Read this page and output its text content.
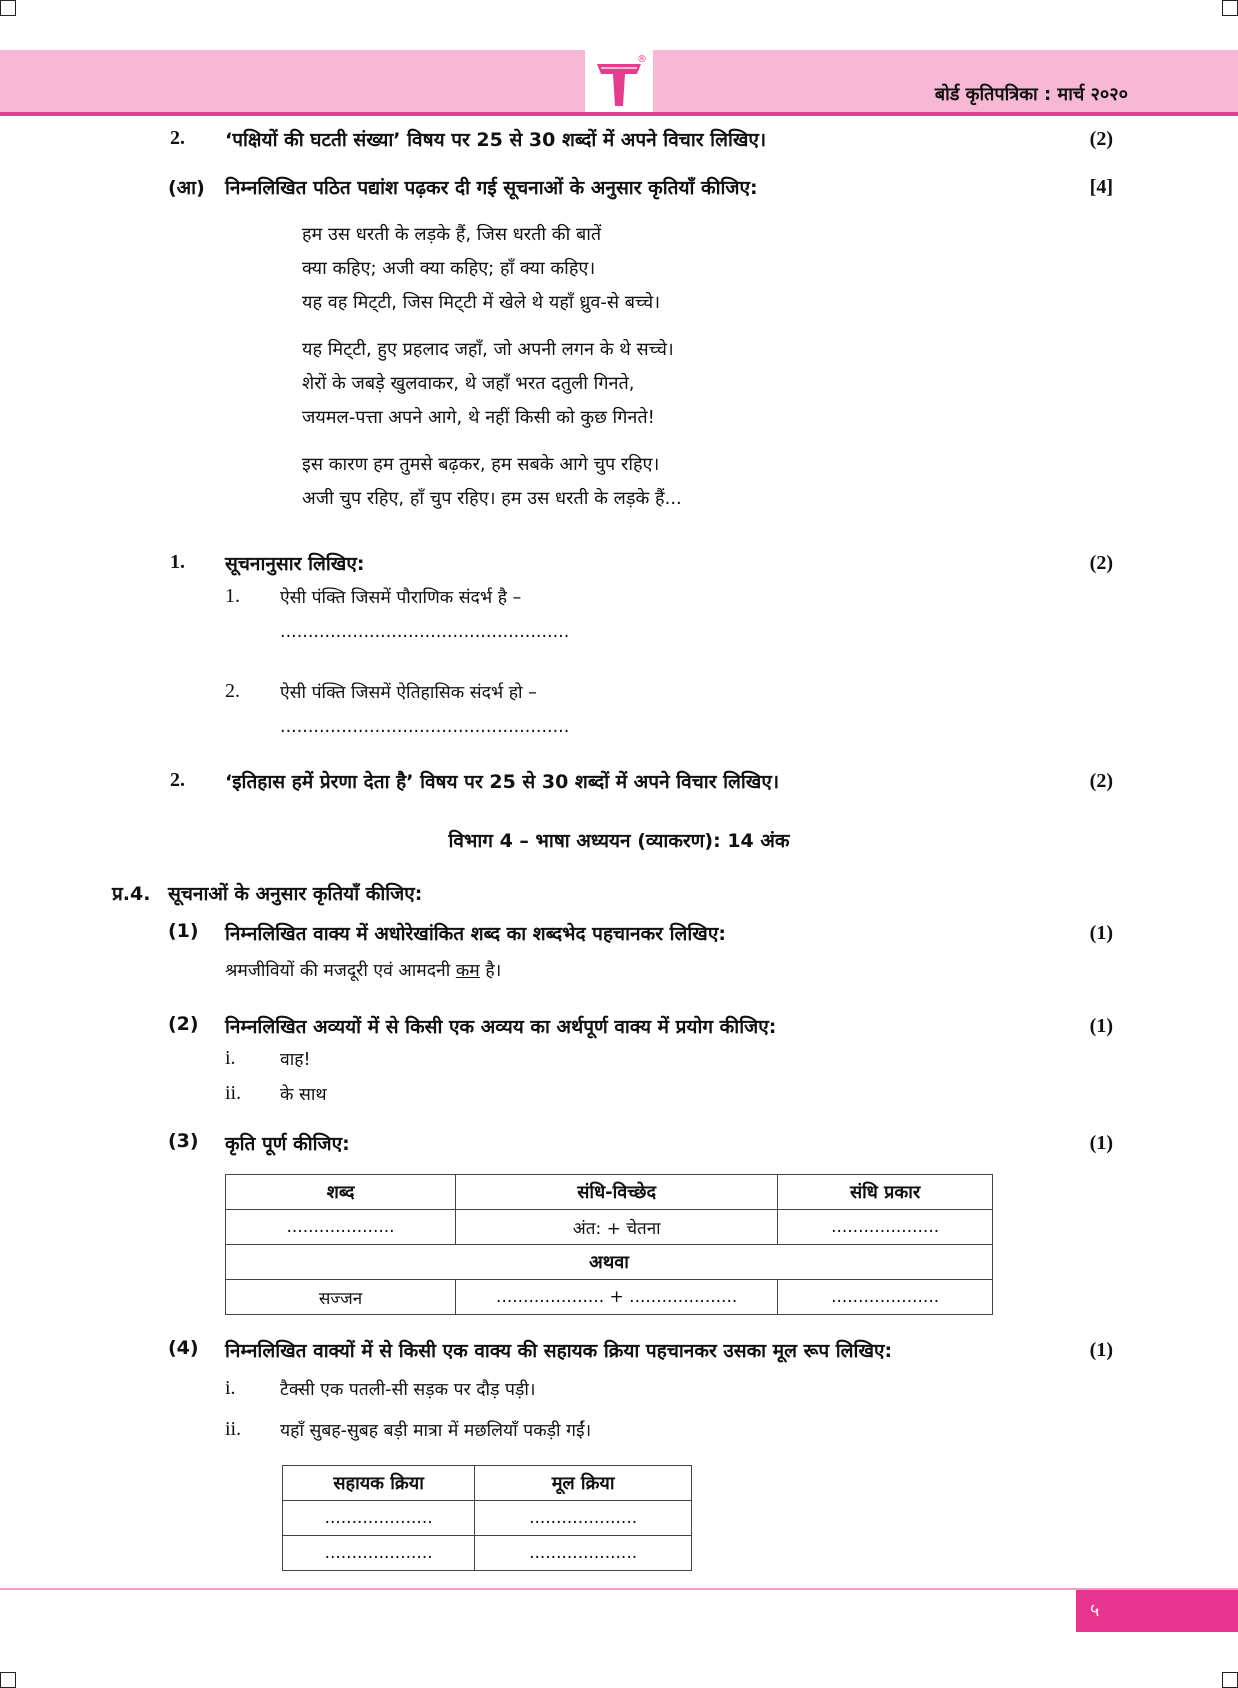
®
बोर्ड कृतिपत्रिका : मार्च २०२०
2. ‘पक्षियों की घटती संख्या’ विषय पर 25 से 30 शब्दों में अपने विचार लिखिए।	(2)
(आ) निम्नलिखित पठित पद्यांश पढ़कर दी गई सूचनाओं के अनुसार कृतियाँ कीजिए:	[4]
हम उस धरती के लड़के हैं, जिस धरती की बातें
क्या कहिए; अजी क्या कहिए; हाँ क्या कहिए।
यह वह मिट्‌टी, जिस मिट्‌टी में खेले थे यहाँ ध्रुव-से बच्चे।
यह मिट्‌टी, हुए प्रहलाद जहाँ, जो अपनी लगन के थे सच्चे।
शेरों के जबड़े खुलवाकर, थे जहाँ भरत दतुली गिनते,
जयमल-पत्ता अपने आगे, थे नहीं किसी को कुछ गिनते!
इस कारण हम तुमसे बढ़कर, हम सबके आगे चुप रहिए।
अजी चुप रहिए, हाँ चुप रहिए। हम उस धरती के लड़के हैं...
1. सूचनानुसार लिखिए:	(2)
1. ऐसी पंक्ति जिसमें पौराणिक संदर्भ है –
....................................................
2. ऐसी पंक्ति जिसमें ऐतिहासिक संदर्भ हो –
....................................................
2. ‘इतिहास हमें प्रेरणा देता है’ विषय पर 25 से 30 शब्दों में अपने विचार लिखिए।	(2)
विभाग 4 – भाषा अध्ययन (व्याकरण): 14 अंक
प्र.4. सूचनाओं के अनुसार कृतियाँ कीजिए:
(1) निम्नलिखित वाक्य में अधोरेखांकित शब्द का शब्दभेद पहचानकर लिखिए:	(1)
श्रमजीवियों की मजदूरी एवं आमदनी कम है।
(2) निम्नलिखित अव्ययों में से किसी एक अव्यय का अर्थपूर्ण वाक्य में प्रयोग कीजिए:	(1)
i.	वाह!
ii. के साथ
(3) कृति पूर्ण कीजिए:	(1)
शब्द	संधि-विच्छेद	संधि प्रकार
....................	अंत: + चेतना	....................
अथवा		
सज्जन	.................... + ....................	....................
(4) निम्नलिखित वाक्यों में से किसी एक वाक्य की सहायक क्रिया पहचानकर उसका मूल रूप लिखिए:	(1)
i.	टैक्सी एक पतली-सी सड़क पर दौड़ पड़ी।
ii. यहाँ सुबह-सुबह बड़ी मात्रा में मछलियाँ पकड़ी गईं।
सहायक क्रिया	मूल क्रिया
....................	....................
....................	....................
५
